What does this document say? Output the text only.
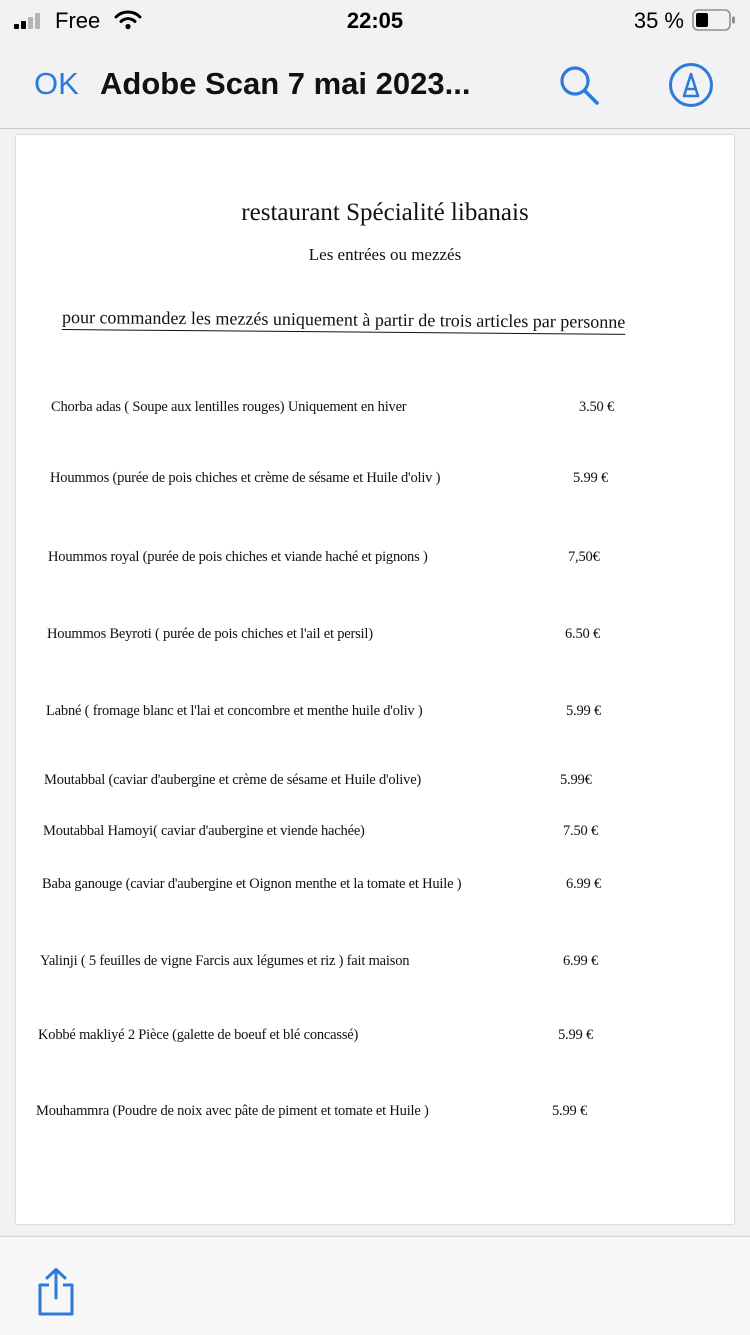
Free	22:05	35 %
OK Adobe Scan 7 mai 2023...
restaurant Spécialité libanais
Les entrées ou mezzés
pour commandez les mezzés uniquement à partir de trois articles par personne
Chorba adas ( Soupe aux lentilles rouges) Uniquement en hiver	3.50 €
Hoummos (purée de pois chiches et crème de sésame et Huile d'oliv )	5.99 €
Hoummos royal (purée de pois chiches et viande haché et pignons )	7,50€
Hoummos Beyroti ( purée de pois chiches et l'ail et persil)	6.50 €
Labné ( fromage blanc et l'lai et concombre et menthe huile d'oliv )	5.99 €
Moutabbal (caviar d'aubergine et crème de sésame et Huile d'olive)	5.99€
Moutabbal Hamoyi( caviar d'aubergine et viende hachée)	7.50 €
Baba ganouge (caviar d'aubergine et Oignon menthe et la tomate et Huile )	6.99 €
Yalinji ( 5 feuilles de vigne Farcis aux légumes et riz ) fait maison	6.99 €
Kobbé makliyé 2 Pièce (galette de boeuf et blé concassé)	5.99 €
Mouhammra (Poudre de noix avec pâte de piment et tomate et Huile )	5.99 €
